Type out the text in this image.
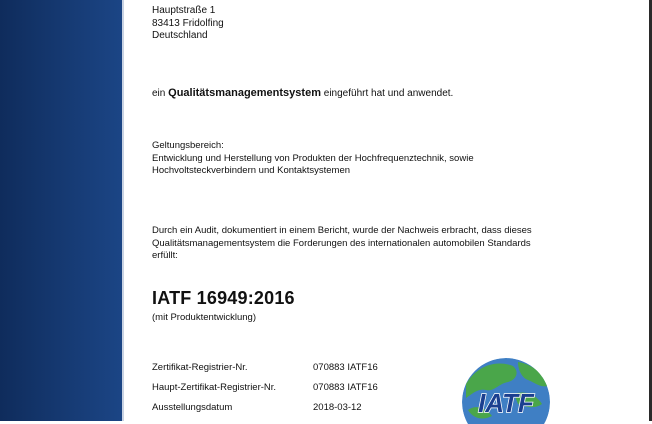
Hauptstraße 1
83413 Fridolfing
Deutschland
ein Qualitätsmanagementsystem eingeführt hat und anwendet.
Geltungsbereich:
Entwicklung und Herstellung von Produkten der Hochfrequenztechnik, sowie
Hochvoltsteckverbindern und Kontaktsystemen
Durch ein Audit, dokumentiert in einem Bericht, wurde der Nachweis erbracht, dass dieses
Qualitätsmanagementsystem die Forderungen des internationalen automobilen Standards
erfüllt:
IATF 16949:2016
(mit Produktentwicklung)
Zertifikat-Registrier-Nr.	070883 IATF16
Haupt-Zertifikat-Registrier-Nr.	070883 IATF16
Ausstellungsdatum	2018-03-12	IATF
